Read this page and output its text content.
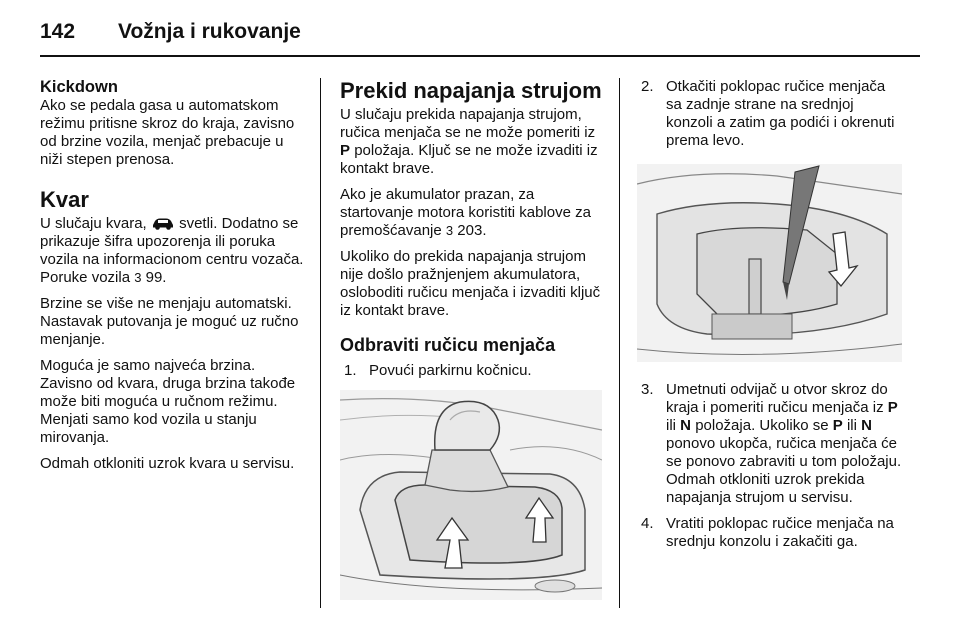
142 Vožnja i rukovanje
Kickdown

Ako se pedala gasa u automatskom režimu pritisne skroz do kraja, zavisno od brzine vozila, menjač prebacuje u niži stepen prenosa.

Kvar

U slučaju kvara, svetli. Dodatno se prikazuje šifra upozorenja ili poruka vozila na informacionom centru vozača. Poruke vozila 3 99.

Brzine se više ne menjaju automatski. Nastavak putovanja je moguć uz ručno menjanje.

Moguća je samo najveća brzina. Zavisno od kvara, druga brzina takođe može biti moguća u ručnom režimu. Menjati samo kod vozila u stanju mirovanja.

Odmah otkloniti uzrok kvara u servisu.

Prekid napajanja strujom

U slučaju prekida napajanja strujom, ručica menjača se ne može pomeriti iz P položaja. Ključ se ne može izvaditi iz kontakt brave.

Ako je akumulator prazan, za startovanje motora koristiti kablove za premošćavanje 3 203.

Ukoliko do prekida napajanja strujom nije došlo pražnjenjem akumulatora, osloboditi ručicu menjača i izvaditi ključ iz kontakt brave.

Odbraviti ručicu menjača
1. Povući parkirnu kočnicu.
2. Otkačiti poklopac ručice menjača sa zadnje strane na srednjoj konzoli a zatim ga podići i okrenuti prema levo.
3. Umetnuti odvijač u otvor skroz do kraja i pomeriti ručicu menjača iz P ili N položaja. Ukoliko se P ili N ponovo ukopča, ručica menjača će se ponovo zabraviti u tom položaju. Odmah otkloniti uzrok prekida napajanja strujom u servisu.
4. Vratiti poklopac ručice menjača na srednju konzolu i zakačiti ga.
